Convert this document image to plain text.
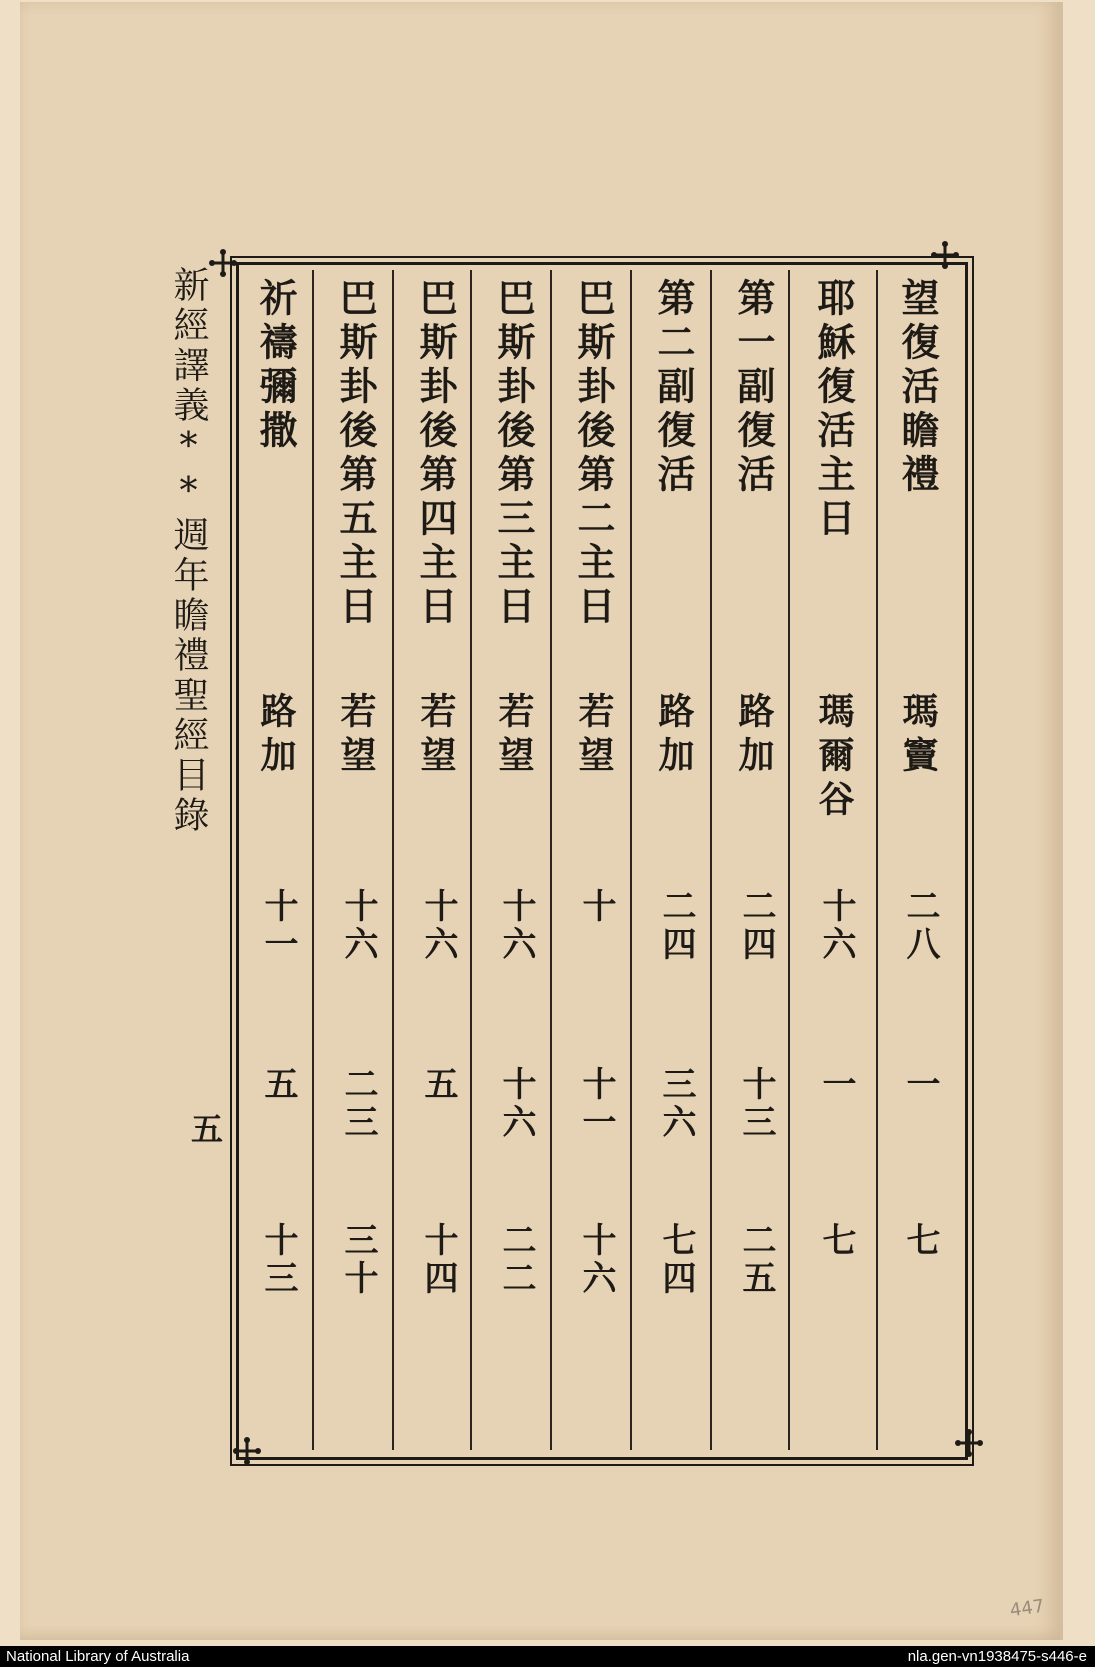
新經譯義**週年瞻禮聖經目錄
五
望復活瞻禮
瑪竇
二八
一
七
耶穌復活主日
瑪爾谷
十六
一
七
第一副復活
路加
二四
十三
二五
第二副復活
路加
二四
三六
七四
巴斯卦後第二主日
若望
十
十一
十六
巴斯卦後第三主日
若望
十六
十六
二二
巴斯卦後第四主日
若望
十六
五
十四
巴斯卦後第五主日
若望
十六
二三
三十
祈禱彌撒
路加
十一
五
十三
447
National Library of Australia	nla.gen-vn1938475-s446-e
